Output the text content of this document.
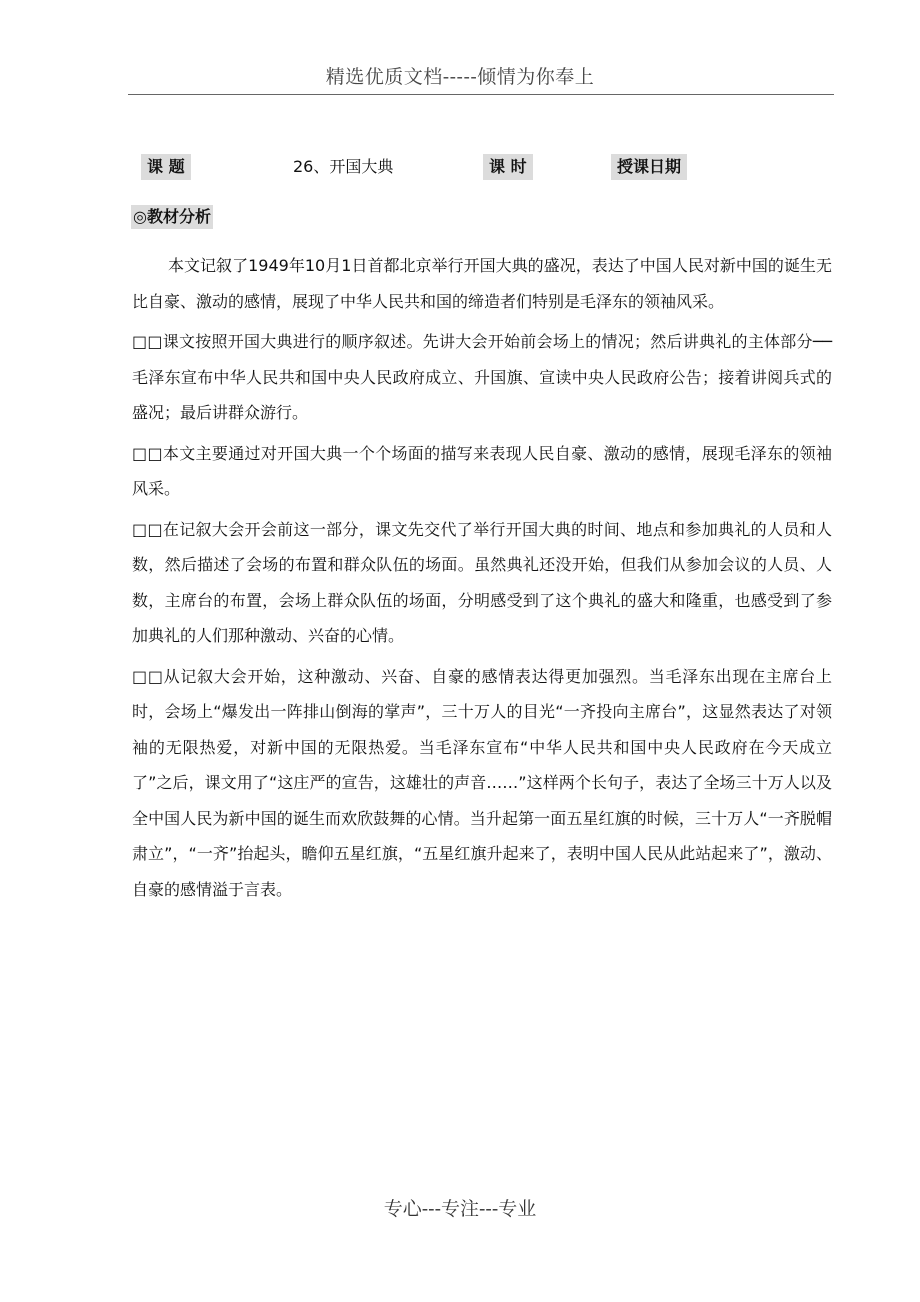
精选优质文档-----倾情为你奉上
课 题	26、开国大典	课 时	授课日期
◎教材分析

本文记叙了1949年10月1日首都北京举行开国大典的盛况，表达了中国人民对新中国的诞生无比自豪、激动的感情，展现了中华人民共和国的缔造者们特别是毛泽东的领袖风采。

□□课文按照开国大典进行的顺序叙述。先讲大会开始前会场上的情况；然后讲典礼的主体部分──毛泽东宣布中华人民共和国中央人民政府成立、升国旗、宣读中央人民政府公告；接着讲阅兵式的盛况；最后讲群众游行。

□□本文主要通过对开国大典一个个场面的描写来表现人民自豪、激动的感情，展现毛泽东的领袖风采。

□□在记叙大会开会前这一部分，课文先交代了举行开国大典的时间、地点和参加典礼的人员和人数，然后描述了会场的布置和群众队伍的场面。虽然典礼还没开始，但我们从参加会议的人员、人数，主席台的布置，会场上群众队伍的场面，分明感受到了这个典礼的盛大和隆重，也感受到了参加典礼的人们那种激动、兴奋的心情。

□□从记叙大会开始，这种激动、兴奋、自豪的感情表达得更加强烈。当毛泽东出现在主席台上时，会场上“爆发出一阵排山倒海的掌声”，三十万人的目光“一齐投向主席台”，这显然表达了对领袖的无限热爱，对新中国的无限热爱。当毛泽东宣布“中华人民共和国中央人民政府在今天成立了”之后，课文用了“这庄严的宣告，这雄壮的声音……”这样两个长句子，表达了全场三十万人以及全中国人民为新中国的诞生而欢欣鼓舞的心情。当升起第一面五星红旗的时候，三十万人“一齐脱帽肃立”，“一齐”抬起头，瞻仰五星红旗，“五星红旗升起来了，表明中国人民从此站起来了”，激动、自豪的感情溢于言表。

专心---专注---专业
